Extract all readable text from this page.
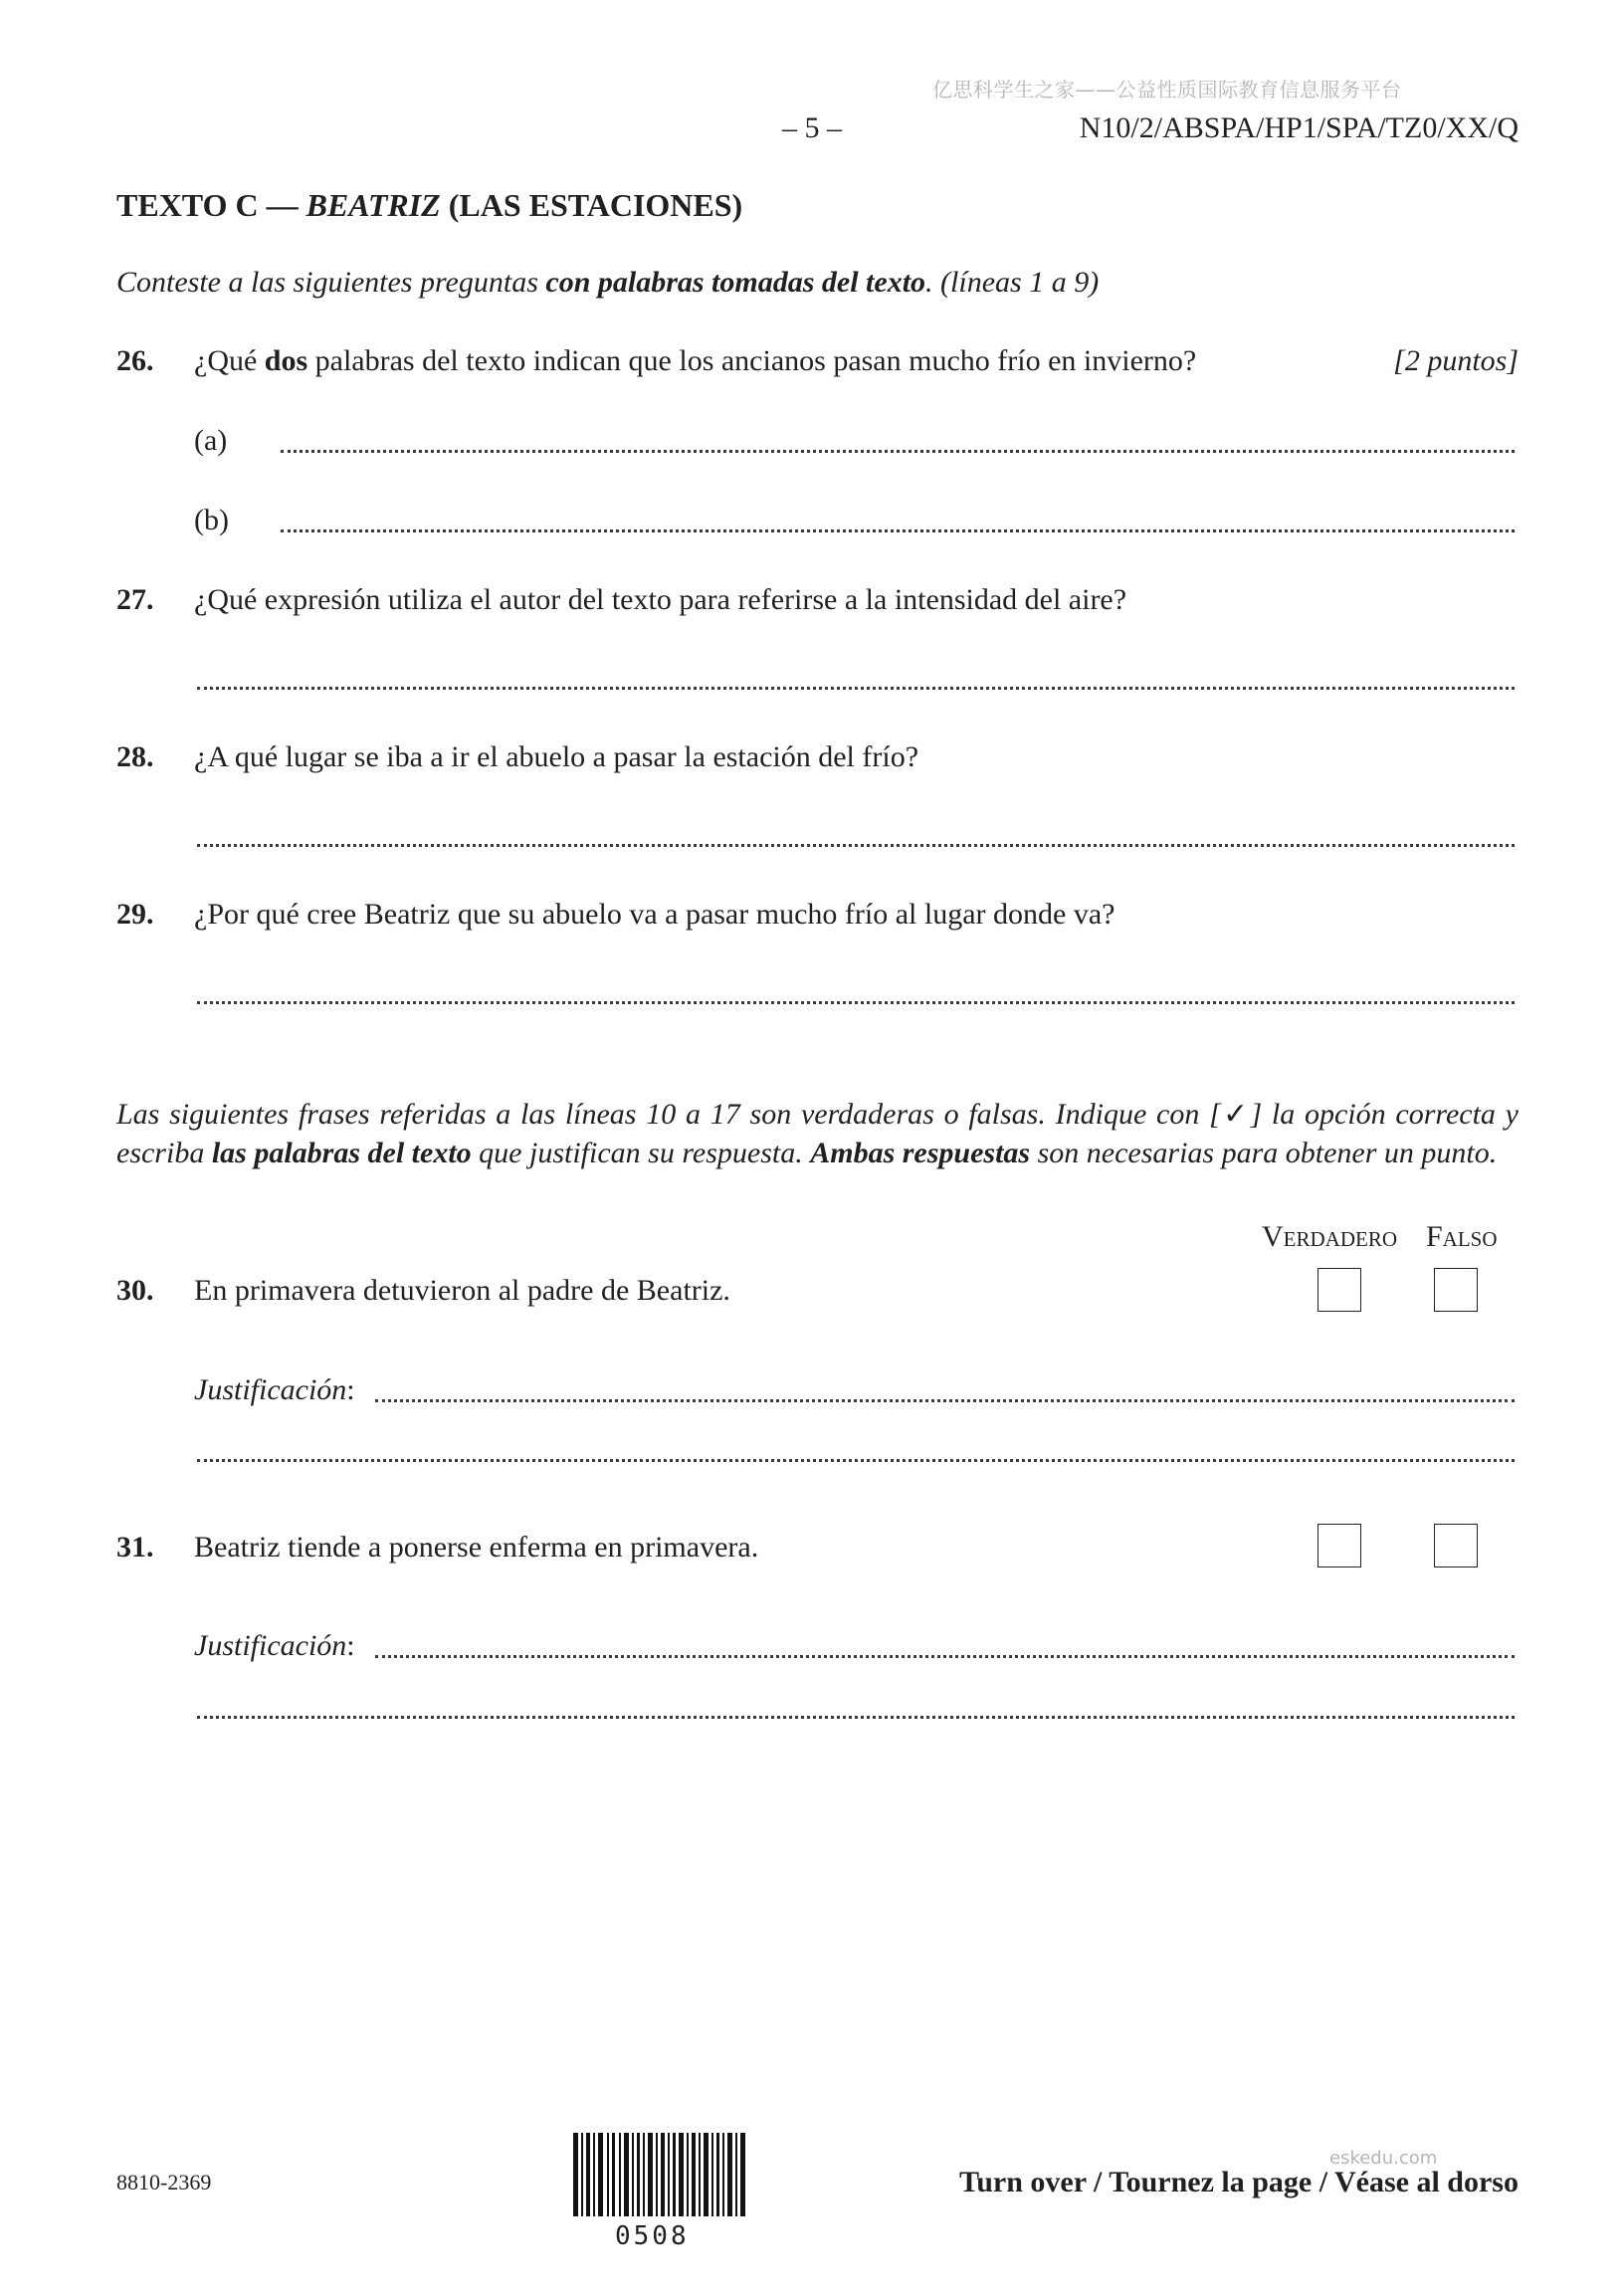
亿思科学生之家——公益性质国际教育信息服务平台
– 5 –	N10/2/ABSPA/HP1/SPA/TZ0/XX/Q
TEXTO C — BEATRIZ (LAS ESTACIONES)
Conteste a las siguientes preguntas con palabras tomadas del texto. (líneas 1 a 9)
26. ¿Qué dos palabras del texto indican que los ancianos pasan mucho frío en invierno?	[2 puntos]
(a)
(b)
27. ¿Qué expresión utiliza el autor del texto para referirse a la intensidad del aire?
28. ¿A qué lugar se iba a ir el abuelo a pasar la estación del frío?
29. ¿Por qué cree Beatriz que su abuelo va a pasar mucho frío al lugar donde va?
Las siguientes frases referidas a las líneas 10 a 17 son verdaderas o falsas. Indique con [✓] la opción correcta y escriba las palabras del texto que justifican su respuesta. Ambas respuestas son necesarias para obtener un punto.
Verdadero Falso
30. En primavera detuvieron al padre de Beatriz.
Justificación:
31. Beatriz tiende a ponerse enferma en primavera.
Justificación:
8810-2369
0508
eskedu.com
Turn over / Tournez la page / Véase al dorso
